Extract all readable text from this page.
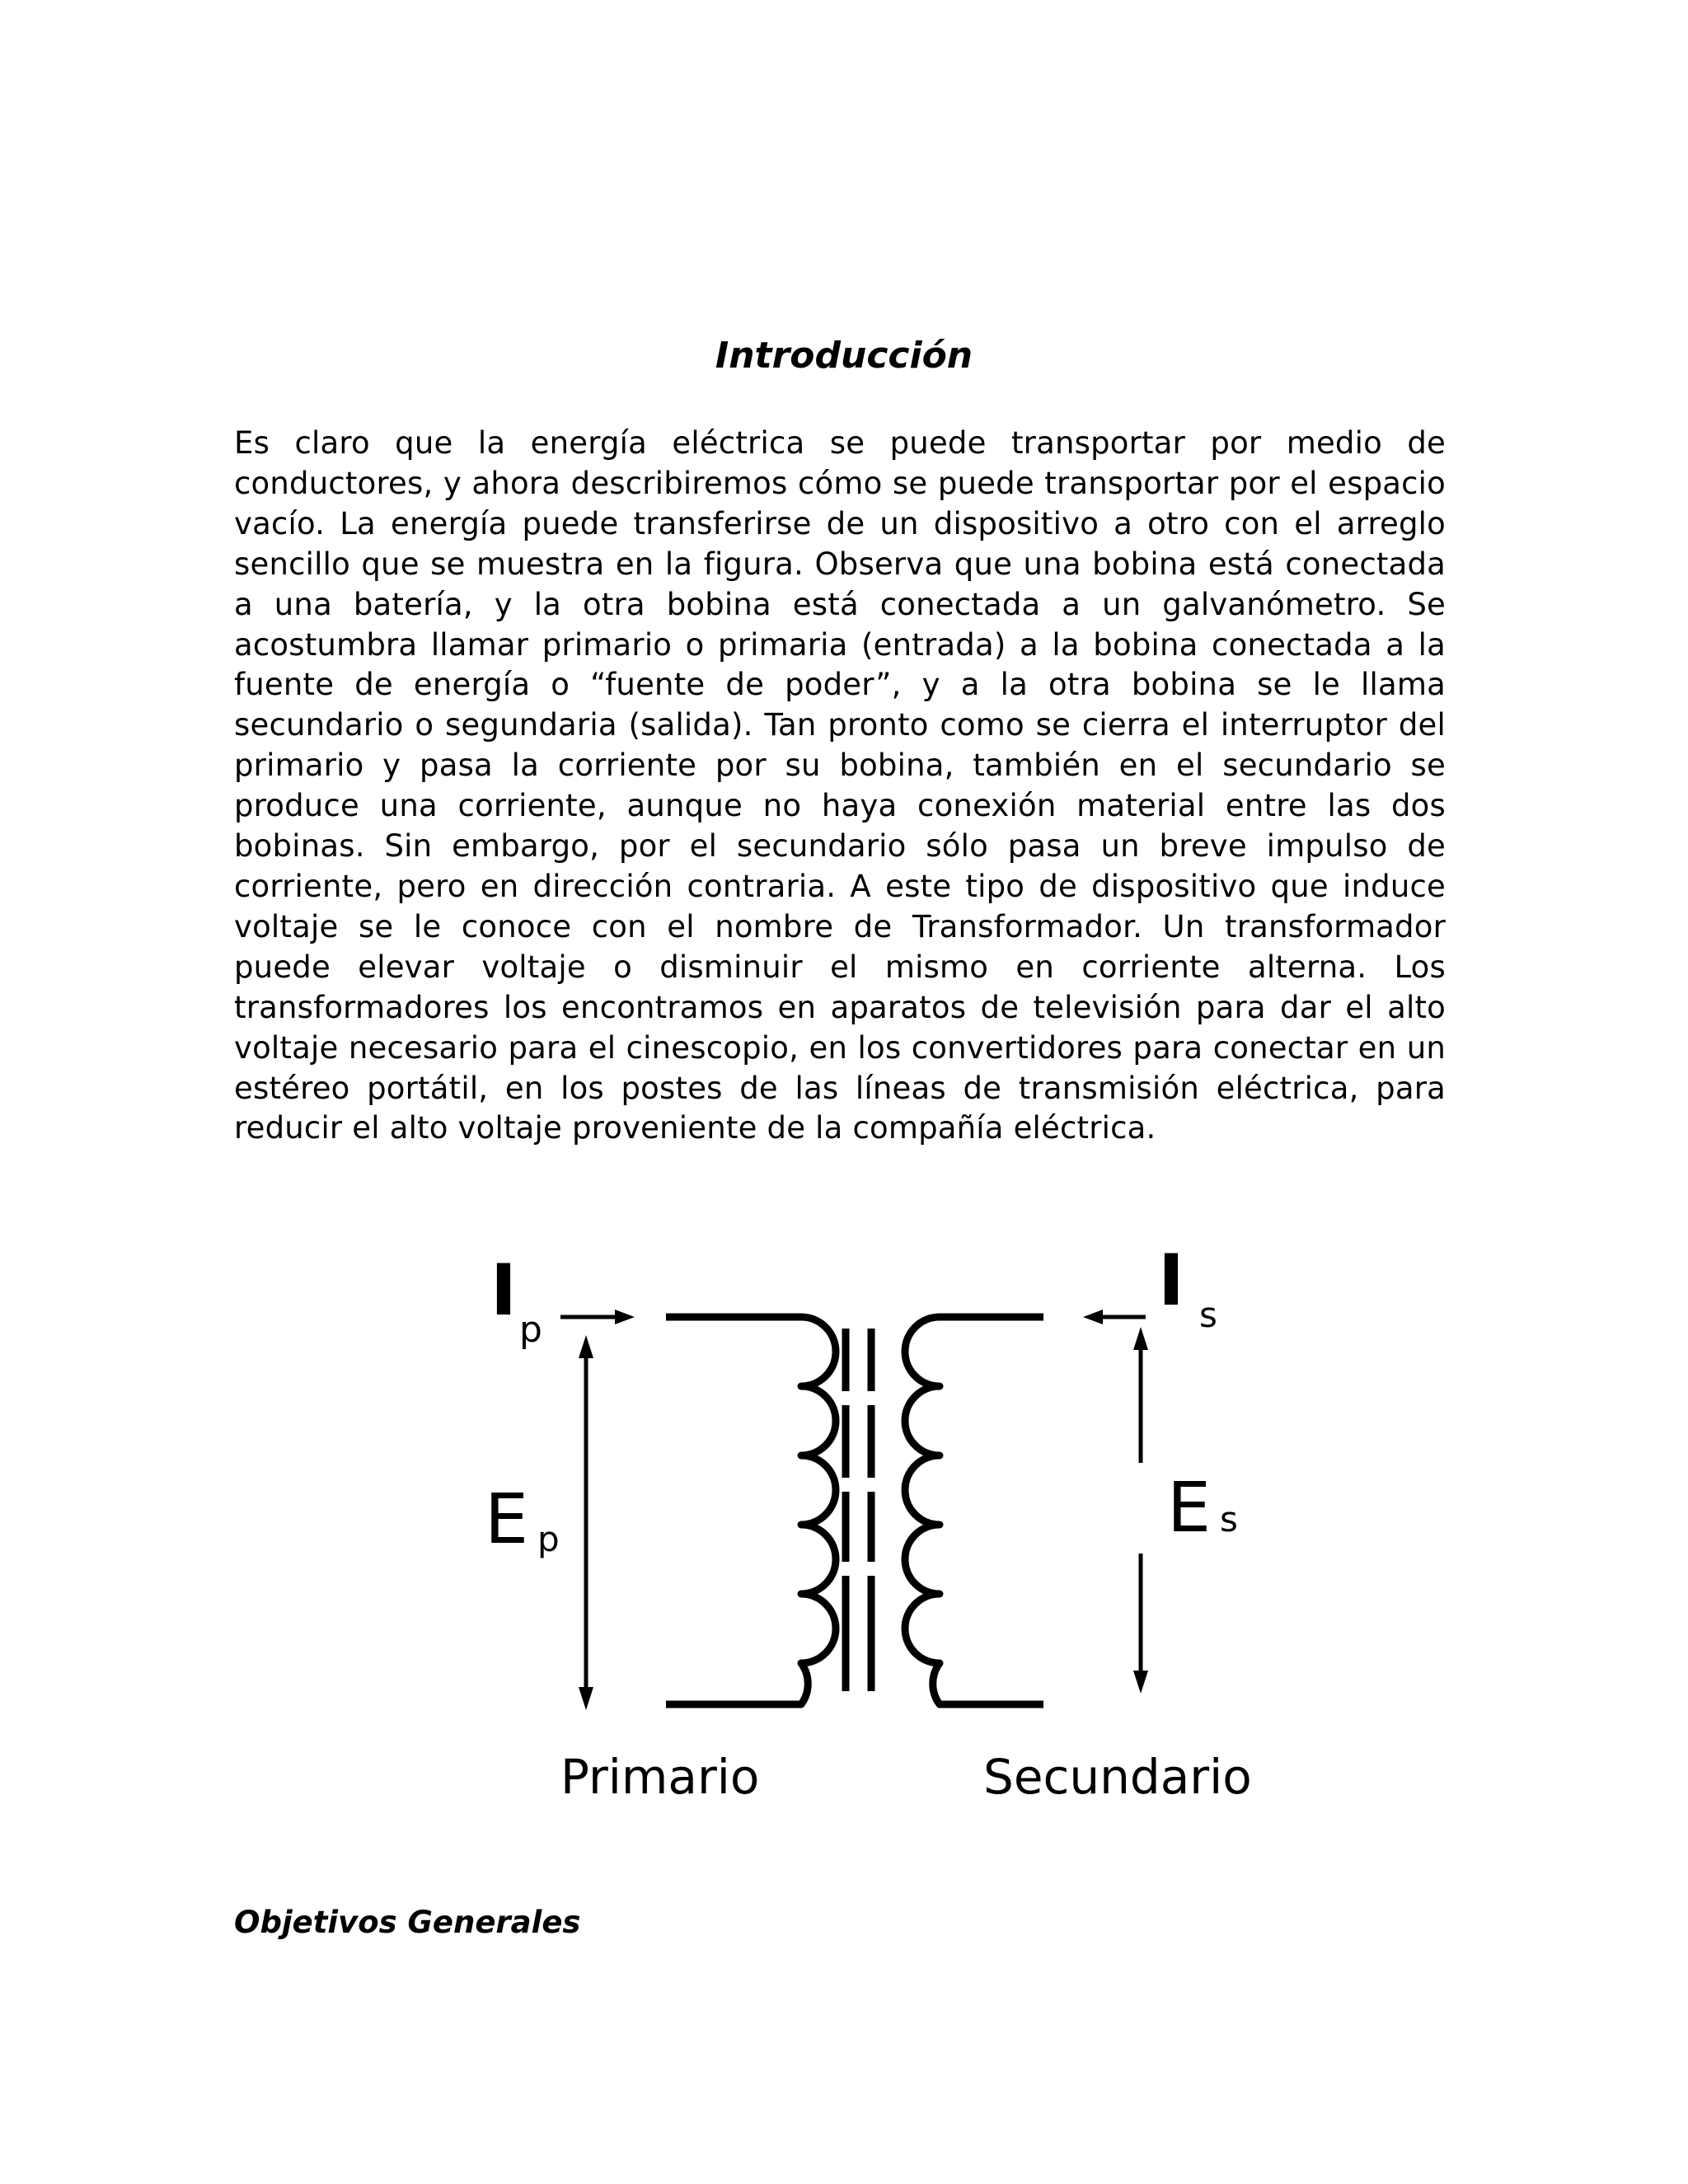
Introducción

Es claro que la energía eléctrica se puede transportar por medio de conductores, y ahora describiremos cómo se puede transportar por el espacio vacío. La energía puede transferirse de un dispositivo a otro con el arreglo sencillo que se muestra en la figura. Observa que una bobina está conectada a una batería, y la otra bobina está conectada a un galvanómetro. Se acostumbra llamar primario o primaria (entrada) a la bobina conectada a la fuente de energía o “fuente de poder”, y a la otra bobina se le llama secundario o segundaria (salida). Tan pronto como se cierra el interruptor del primario y pasa la corriente por su bobina, también en el secundario se produce una corriente, aunque no haya conexión material entre las dos bobinas. Sin embargo, por el secundario sólo pasa un breve impulso de corriente, pero en dirección contraria. A este tipo de dispositivo que induce voltaje se le conoce con el nombre de Transformador. Un transformador puede elevar voltaje o disminuir el mismo en corriente alterna. Los transformadores los encontramos en aparatos de televisión para dar el alto voltaje necesario para el cinescopio, en los convertidores para conectar en un estéreo portátil, en los postes de las líneas de transmisión eléctrica, para reducir el alto voltaje proveniente de la compañía eléctrica.

I p
E p
I s
E s
Primario	Secundario
Objetivos Generales
